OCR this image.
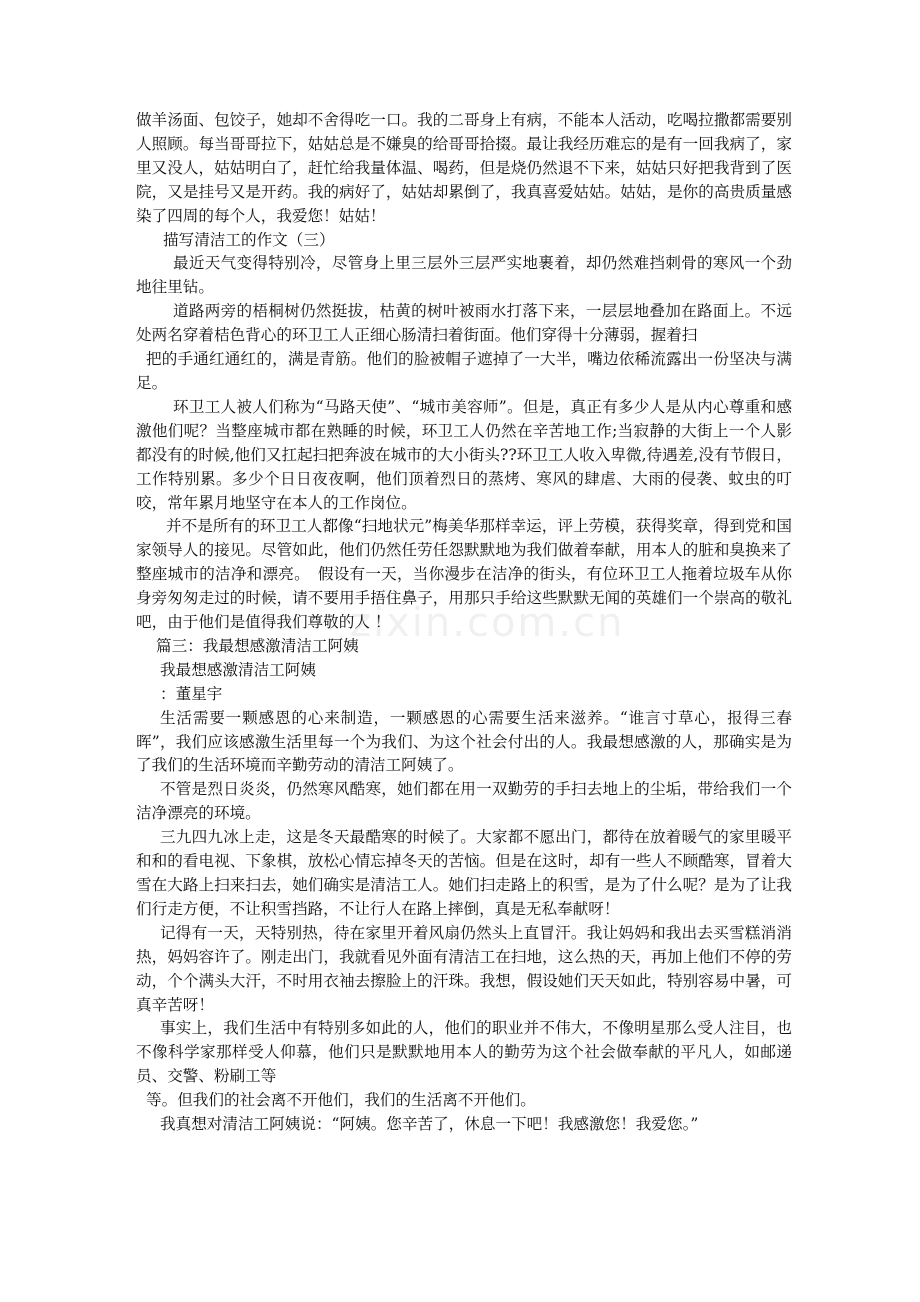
做羊汤面、包饺子，她却不舍得吃一口。我的二哥身上有病，不能本人活动，吃喝拉撒都需要别人照顾。每当哥哥拉下，姑姑总是不嫌臭的给哥哥拾掇。最让我经历难忘的是有一回我病了，家里又没人，姑姑明白了，赶忙给我量体温、喝药，但是烧仍然退不下来，姑姑只好把我背到了医院，又是挂号又是开药。我的病好了，姑姑却累倒了，我真喜爱姑姑。姑姑，是你的高贵质量感染了四周的每个人，我爱您！姑姑！

描写清洁工的作文（三）

最近天气变得特别冷，尽管身上里三层外三层严实地裹着，却仍然难挡刺骨的寒风一个劲地往里钻。

道路两旁的梧桐树仍然挺拔，枯黄的树叶被雨水打落下来，一层层地叠加在路面上。不远处两名穿着桔色背心的环卫工人正细心肠清扫着街面。他们穿得十分薄弱，握着扫

把的手通红通红的，满是青筋。他们的脸被帽子遮掉了一大半，嘴边依稀流露出一份坚决与满足。

环卫工人被人们称为“马路天使”、“城市美容师”。但是，真正有多少人是从内心尊重和感激他们呢？当整座城市都在熟睡的时候，环卫工人仍然在辛苦地工作;当寂静的大街上一个人影都没有的时候,他们又扛起扫把奔波在城市的大小街头??环卫工人收入卑微,待遇差,没有节假日，工作特别累。多少个日日夜夜啊，他们顶着烈日的蒸烤、寒风的肆虐、大雨的侵袭、蚊虫的叮咬，常年累月地坚守在本人的工作岗位。

并不是所有的环卫工人都像“扫地状元”梅美华那样幸运，评上劳模，获得奖章，得到党和国家领导人的接见。尽管如此，他们仍然任劳任怨默默地为我们做着奉献，用本人的脏和臭换来了整座城市的洁净和漂亮。　假设有一天，当你漫步在洁净的街头，有位环卫工人拖着垃圾车从你身旁匆匆走过的时候，请不要用手捂住鼻子，用那只手给这些默默无闻的英雄们一个崇高的敬礼吧，由于他们是值得我们尊敬的人 ！

篇三：我最想感激清洁工阿姨

我最想感激清洁工阿姨

：董星宇

生活需要一颗感恩的心来制造，一颗感恩的心需要生活来滋养。“谁言寸草心，报得三春晖”，我们应该感激生活里每一个为我们、为这个社会付出的人。我最想感激的人，那确实是为了我们的生活环境而辛勤劳动的清洁工阿姨了。

不管是烈日炎炎，仍然寒风酷寒，她们都在用一双勤劳的手扫去地上的尘垢，带给我们一个洁净漂亮的环境。

三九四九冰上走，这是冬天最酷寒的时候了。大家都不愿出门，都待在放着暖气的家里暖平和和的看电视、下象棋，放松心情忘掉冬天的苦恼。但是在这时，却有一些人不顾酷寒，冒着大雪在大路上扫来扫去，她们确实是清洁工人。她们扫走路上的积雪，是为了什么呢？是为了让我们行走方便，不让积雪挡路，不让行人在路上摔倒，真是无私奉献呀！

记得有一天，天特别热，待在家里开着风扇仍然头上直冒汗。我让妈妈和我出去买雪糕消消热，妈妈容许了。刚走出门，我就看见外面有清洁工在扫地，这么热的天，再加上他们不停的劳动，个个满头大汗，不时用衣袖去擦脸上的汗珠。我想，假设她们天天如此，特别容易中暑，可真辛苦呀！

事实上，我们生活中有特别多如此的人，他们的职业并不伟大，不像明星那么受人注目，也不像科学家那样受人仰慕，他们只是默默地用本人的勤劳为这个社会做奉献的平凡人，如邮递员、交警、粉刷工等

等。但我们的社会离不开他们，我们的生活离不开他们。

我真想对清洁工阿姨说：“阿姨。您辛苦了，休息一下吧！我感激您！我爱您。”

zixin.com.cn
